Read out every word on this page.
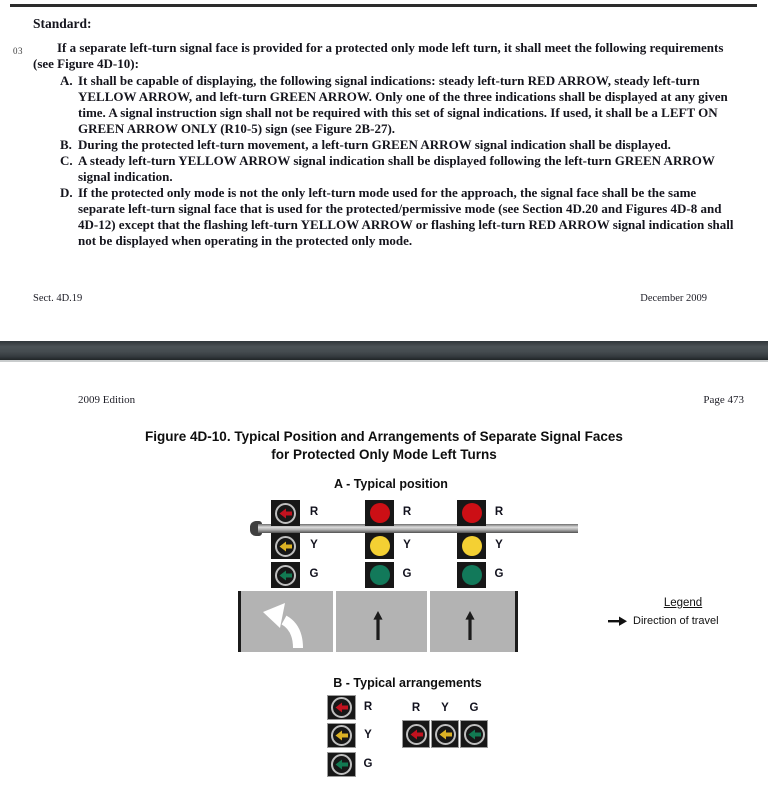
Standard:

03	If a separate left-turn signal face is provided for a protected only mode left turn, it shall meet the following requirements (see Figure 4D-10):

A. It shall be capable of displaying, the following signal indications: steady left-turn RED ARROW, steady left-turn YELLOW ARROW, and left-turn GREEN ARROW. Only one of the three indications shall be displayed at any given time. A signal instruction sign shall not be required with this set of signal indications. If used, it shall be a LEFT ON GREEN ARROW ONLY (R10-5) sign (see Figure 2B-27).
B. During the protected left-turn movement, a left-turn GREEN ARROW signal indication shall be displayed.
C. A steady left-turn YELLOW ARROW signal indication shall be displayed following the left-turn GREEN ARROW signal indication.
D. If the protected only mode is not the only left-turn mode used for the approach, the signal face shall be the same separate left-turn signal face that is used for the protected/permissive mode (see Section 4D.20 and Figures 4D-8 and 4D-12) except that the flashing left-turn YELLOW ARROW or flashing left-turn RED ARROW signal indication shall not be displayed when operating in the protected only mode.
Sect. 4D.19	December 2009
2009 Edition	Page 473
Figure 4D-10. Typical Position and Arrangements of Separate Signal Faces
for Protected Only Mode Left Turns
A - Typical position
R
Y
G
R
Y
G
R
Y
G
Legend
Direction of travel
B - Typical arrangements
R
Y
G
R	Y	G
